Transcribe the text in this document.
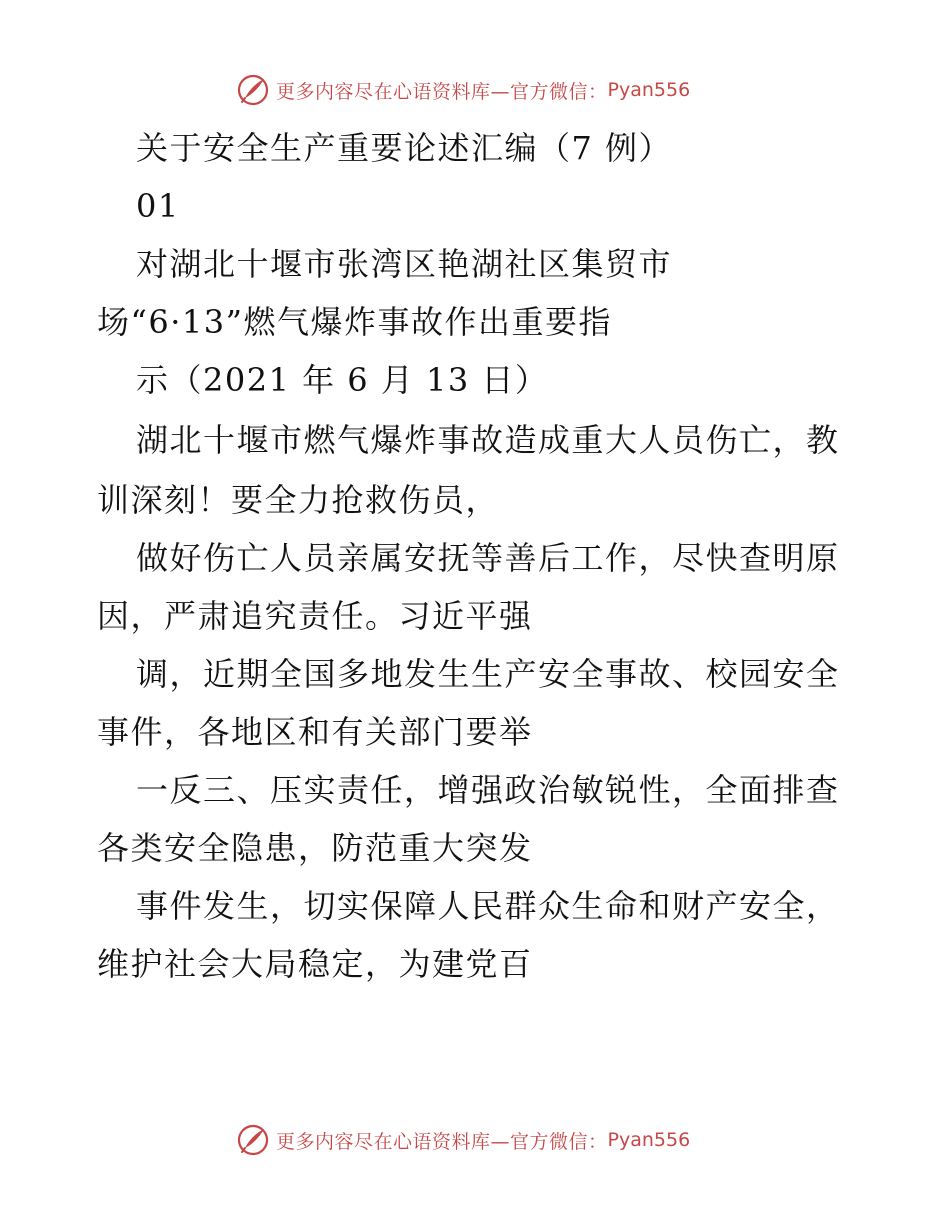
更多内容尽在心语资料库—官方微信： Pyan556
关于安全生产重要论述汇编（7 例）
01
对湖北十堰市张湾区艳湖社区集贸市
场“6·13”燃气爆炸事故作出重要指
示（2021 年 6 月 13 日）
湖北十堰市燃气爆炸事故造成重大人员伤亡，教
训深刻！要全力抢救伤员，
做好伤亡人员亲属安抚等善后工作，尽快查明原
因，严肃追究责任。习近平强
调，近期全国多地发生生产安全事故、校园安全
事件，各地区和有关部门要举
一反三、压实责任，增强政治敏锐性，全面排查
各类安全隐患，防范重大突发
事件发生，切实保障人民群众生命和财产安全，
维护社会大局稳定，为建党百
更多内容尽在心语资料库—官方微信： Pyan556
